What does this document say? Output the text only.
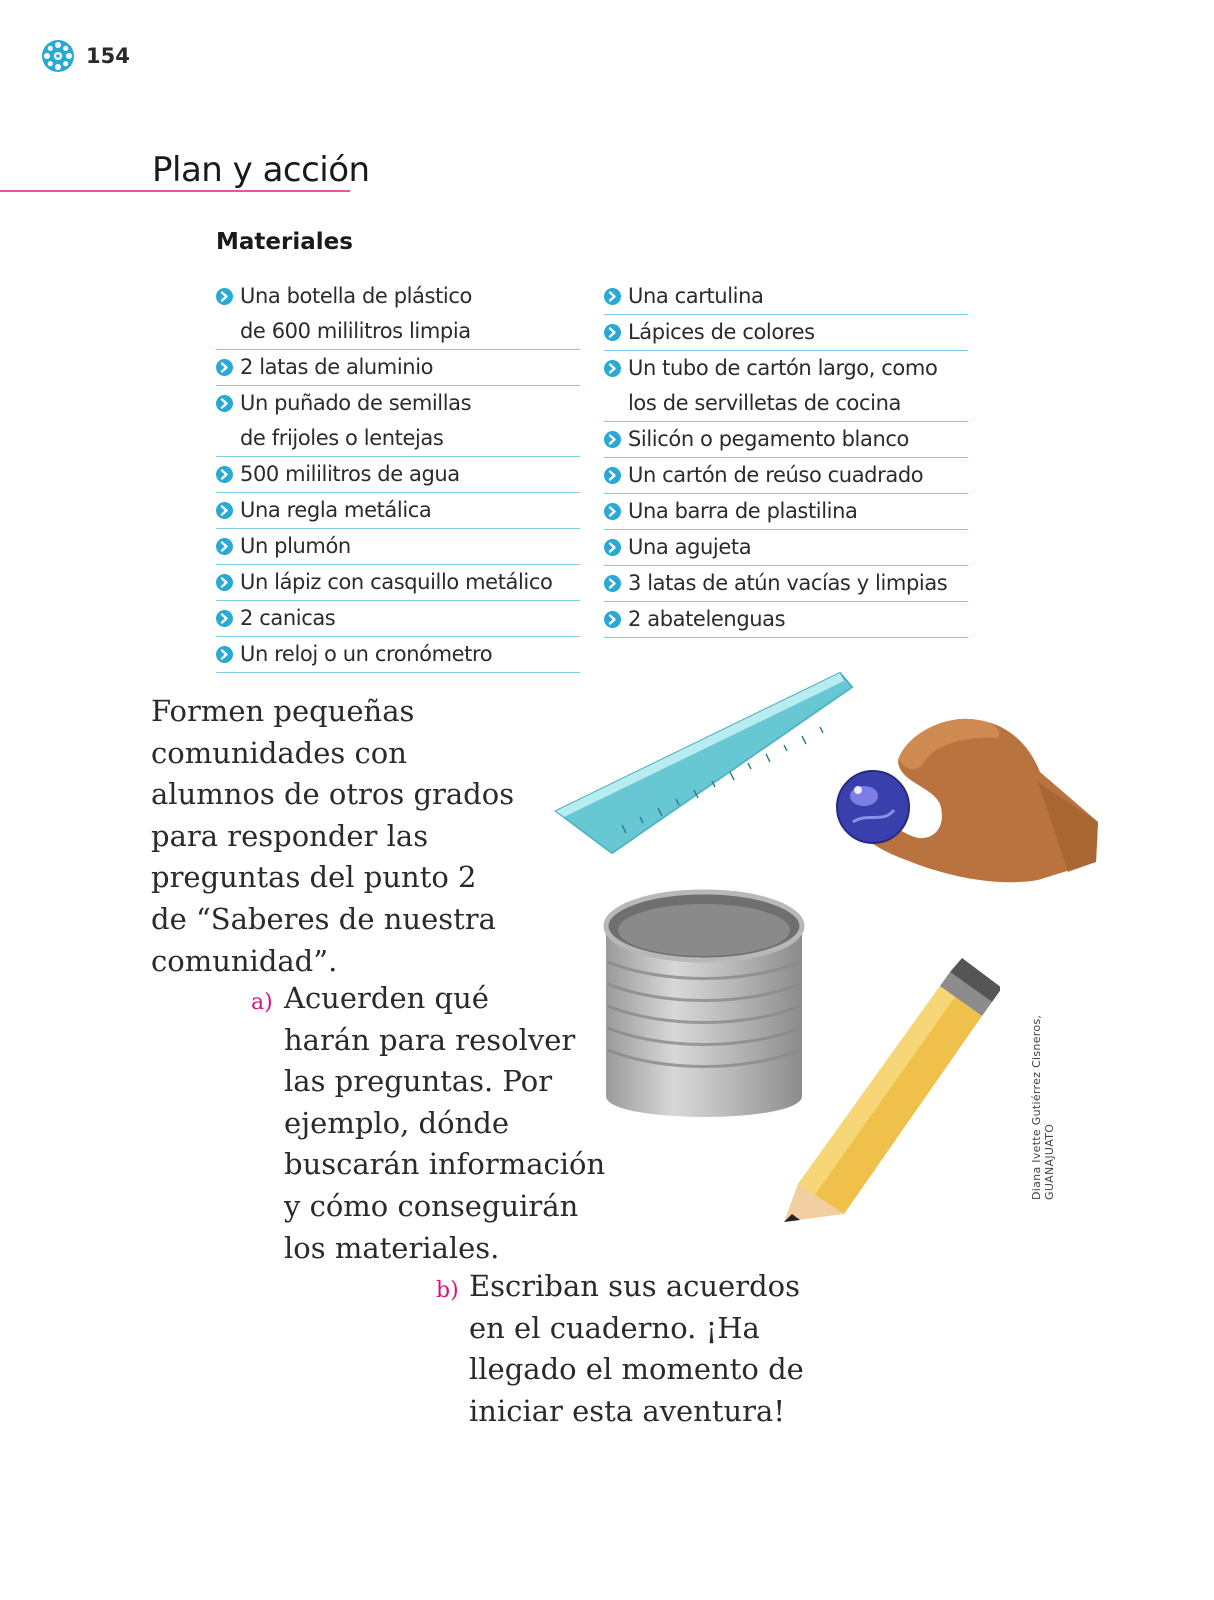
154
Plan y acción
Materiales
Una botella de plástico
de 600 mililitros limpia
2 latas de aluminio
Un puñado de semillas
de frijoles o lentejas
500 mililitros de agua
Una regla metálica
Un plumón
Un lápiz con casquillo metálico
2 canicas
Un reloj o un cronómetro
Una cartulina
Lápices de colores
Un tubo de cartón largo, como
los de servilletas de cocina
Silicón o pegamento blanco
Un cartón de reúso cuadrado
Una barra de plastilina
Una agujeta
3 latas de atún vacías y limpias
2 abatelenguas
Diana Ivette Gutiérrez Cisneros, GUANAJUATO

Formen pequeñas
comunidades con
alumnos de otros grados
para responder las
preguntas del punto 2
de “Saberes de nuestra
comunidad”.

a) Acuerden qué
harán para resolver
las preguntas. Por
ejemplo, dónde
buscarán información
y cómo conseguirán
los materiales.

b) Escriban sus acuerdos
en el cuaderno. ¡Ha
llegado el momento de
iniciar esta aventura!
